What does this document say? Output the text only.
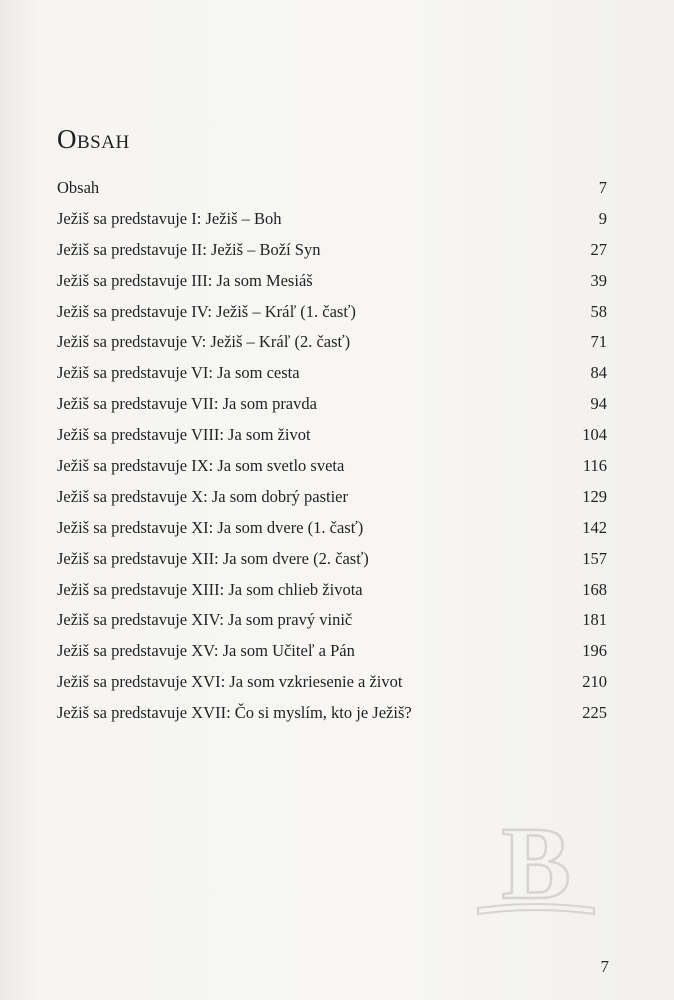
Obsah
Obsah	7
Ježiš sa predstavuje I: Ježiš – Boh	9
Ježiš sa predstavuje II: Ježiš – Boží Syn	27
Ježiš sa predstavuje III: Ja som Mesiáš	39
Ježiš sa predstavuje IV: Ježiš – Kráľ (1. časť)	58
Ježiš sa predstavuje V: Ježiš – Kráľ (2. časť)	71
Ježiš sa predstavuje VI: Ja som cesta	84
Ježiš sa predstavuje VII: Ja som pravda	94
Ježiš sa predstavuje VIII: Ja som život	104
Ježiš sa predstavuje IX: Ja som svetlo sveta	116
Ježiš sa predstavuje X: Ja som dobrý pastier	129
Ježiš sa predstavuje XI: Ja som dvere (1. časť)	142
Ježiš sa predstavuje XII: Ja som dvere (2. časť)	157
Ježiš sa predstavuje XIII: Ja som chlieb života	168
Ježiš sa predstavuje XIV: Ja som pravý vinič	181
Ježiš sa predstavuje XV: Ja som Učiteľ a Pán	196
Ježiš sa predstavuje XVI: Ja som vzkriesenie a život	210
Ježiš sa predstavuje XVII: Čo si myslím, kto je Ježiš?	225
B
7
